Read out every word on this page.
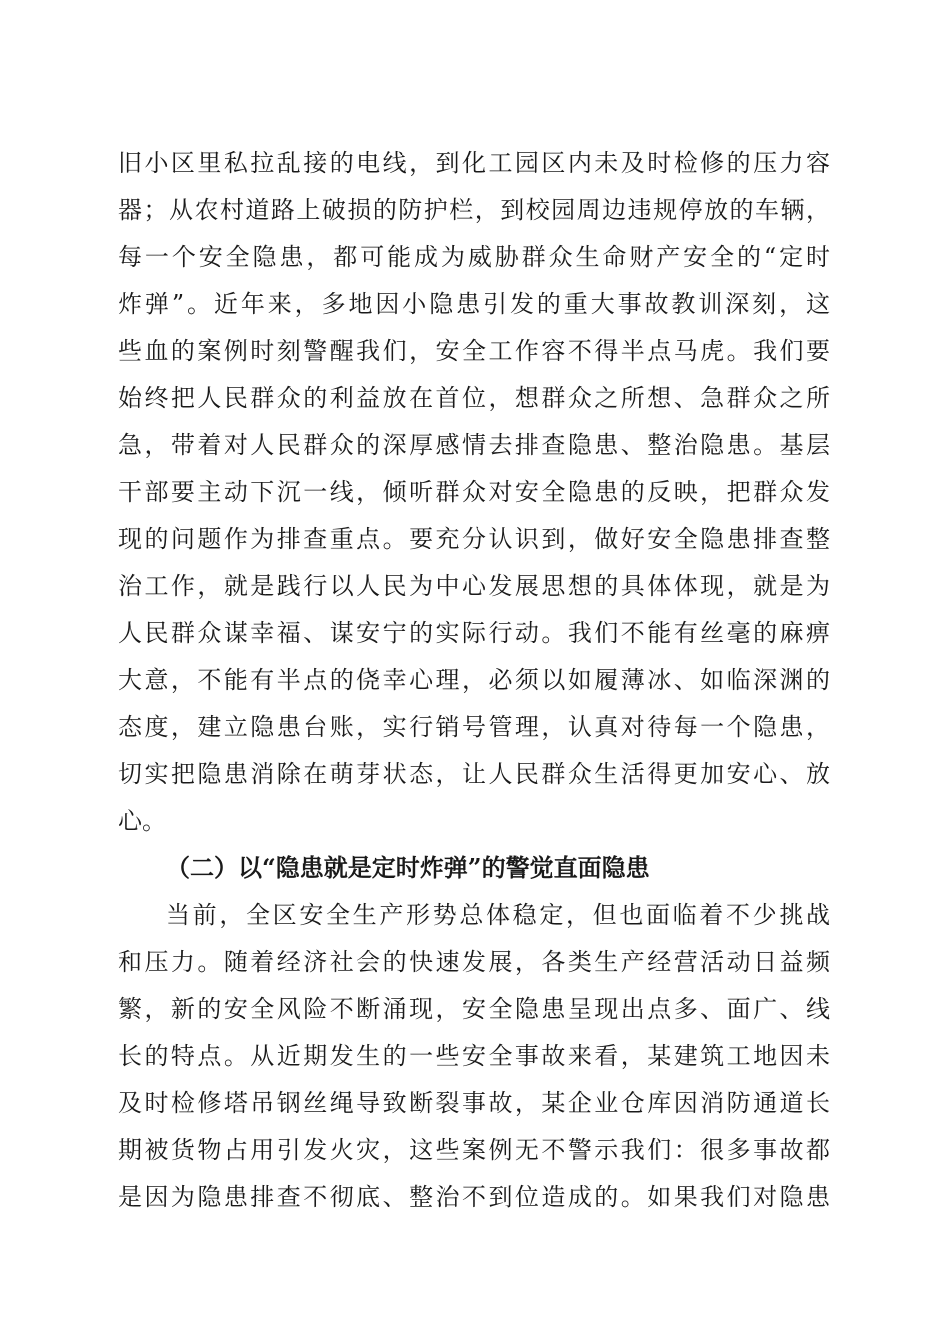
旧小区里私拉乱接的电线，到化工园区内未及时检修的压力容
器；从农村道路上破损的防护栏，到校园周边违规停放的车辆，
每一个安全隐患，都可能成为威胁群众生命财产安全的“定时
炸弹”。近年来，多地因小隐患引发的重大事故教训深刻，这
些血的案例时刻警醒我们，安全工作容不得半点马虎。我们要
始终把人民群众的利益放在首位，想群众之所想、急群众之所
急，带着对人民群众的深厚感情去排查隐患、整治隐患。基层
干部要主动下沉一线，倾听群众对安全隐患的反映，把群众发
现的问题作为排查重点。要充分认识到，做好安全隐患排查整
治工作，就是践行以人民为中心发展思想的具体体现，就是为
人民群众谋幸福、谋安宁的实际行动。我们不能有丝毫的麻痹
大意，不能有半点的侥幸心理，必须以如履薄冰、如临深渊的
态度，建立隐患台账，实行销号管理，认真对待每一个隐患，
切实把隐患消除在萌芽状态，让人民群众生活得更加安心、放
心。
（二）以“隐患就是定时炸弹”的警觉直面隐患
当前，全区安全生产形势总体稳定，但也面临着不少挑战
和压力。随着经济社会的快速发展，各类生产经营活动日益频
繁，新的安全风险不断涌现，安全隐患呈现出点多、面广、线
长的特点。从近期发生的一些安全事故来看，某建筑工地因未
及时检修塔吊钢丝绳导致断裂事故，某企业仓库因消防通道长
期被货物占用引发火灾，这些案例无不警示我们：很多事故都
是因为隐患排查不彻底、整治不到位造成的。如果我们对隐患
